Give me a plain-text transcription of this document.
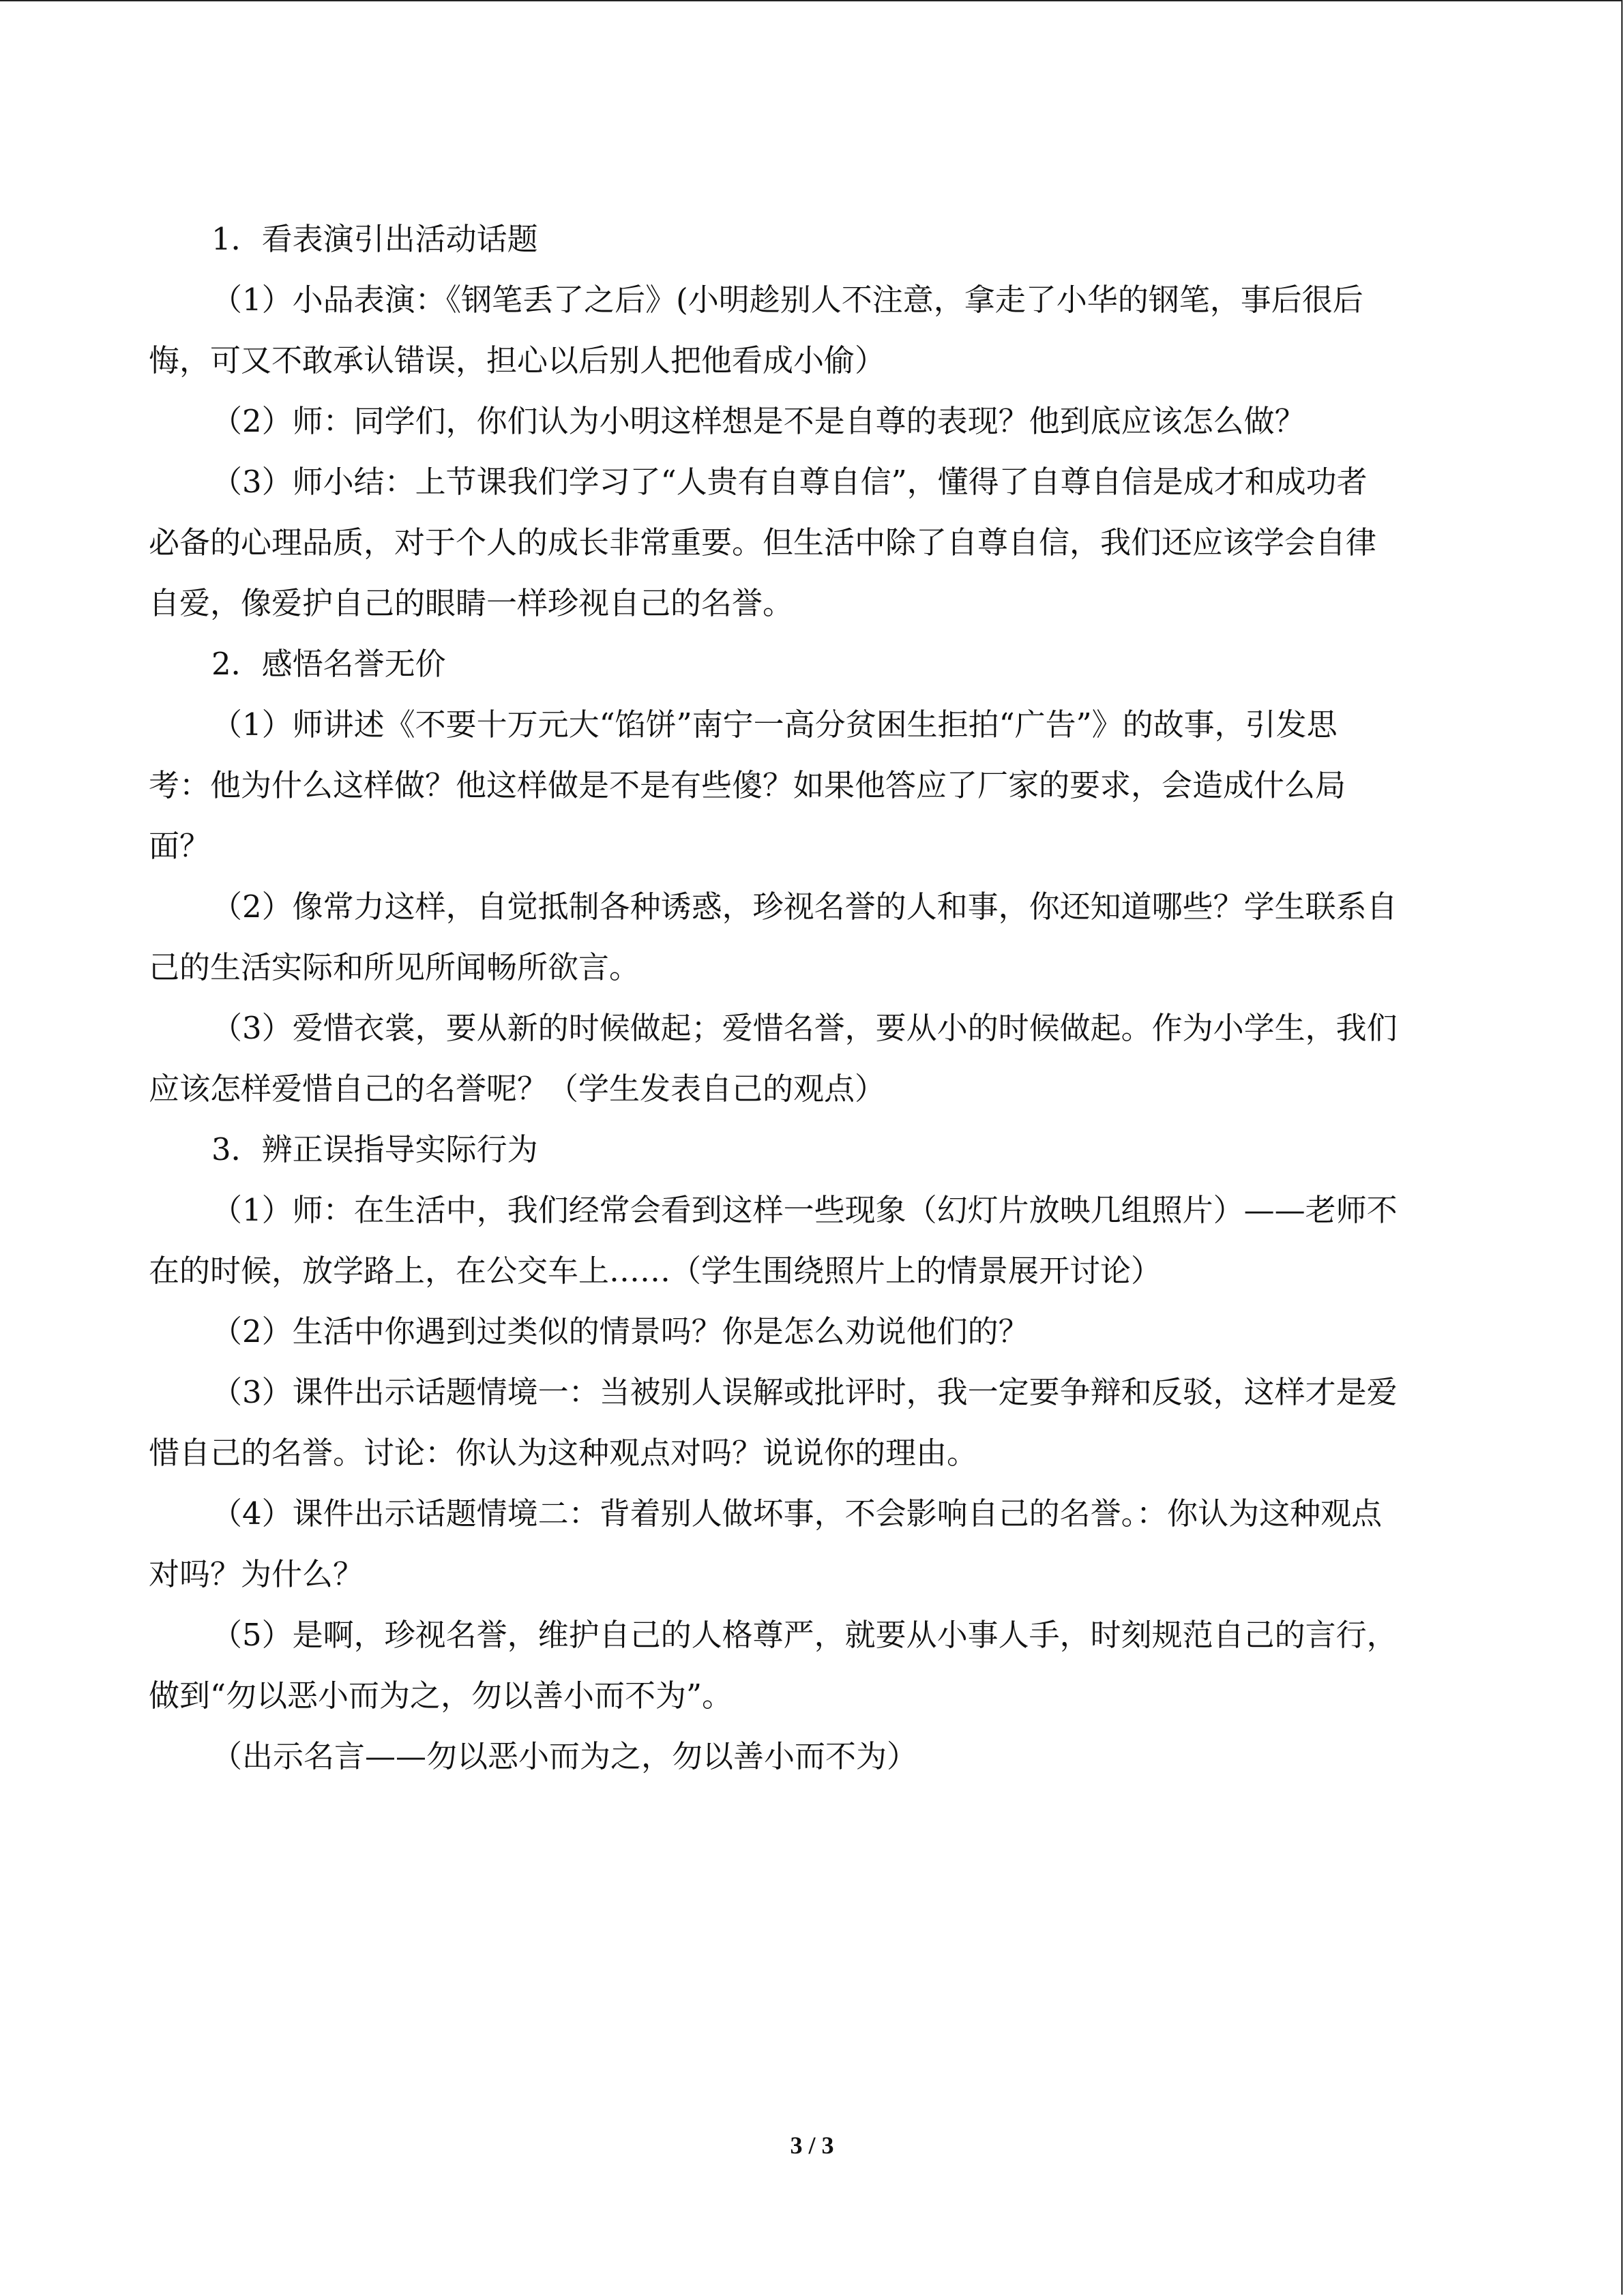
1．看表演引出活动话题
（1）小品表演：《钢笔丢了之后》(小明趁别人不注意，拿走了小华的钢笔，事后很后
悔，可又不敢承认错误，担心以后别人把他看成小偷）
（2）师：同学们，你们认为小明这样想是不是自尊的表现？他到底应该怎么做？
（3）师小结：上节课我们学习了“人贵有自尊自信”，懂得了自尊自信是成才和成功者
必备的心理品质，对于个人的成长非常重要。但生活中除了自尊自信，我们还应该学会自律
自爱，像爱护自己的眼睛一样珍视自己的名誉。
2．感悟名誉无价
（1）师讲述《不要十万元大“馅饼”南宁一高分贫困生拒拍“广告”》的故事，引发思
考：他为什么这样做？他这样做是不是有些傻？如果他答应了厂家的要求，会造成什么局
面？
（2）像常力这样，自觉抵制各种诱惑，珍视名誉的人和事，你还知道哪些？学生联系自
己的生活实际和所见所闻畅所欲言。
（3）爱惜衣裳，要从新的时候做起；爱惜名誉，要从小的时候做起。作为小学生，我们
应该怎样爱惜自己的名誉呢？（学生发表自己的观点）
3．辨正误指导实际行为
（1）师：在生活中，我们经常会看到这样一些现象（幻灯片放映几组照片）——老师不
在的时候，放学路上，在公交车上……（学生围绕照片上的情景展开讨论）
（2）生活中你遇到过类似的情景吗？你是怎么劝说他们的？
（3）课件出示话题情境一：当被别人误解或批评时，我一定要争辩和反驳，这样才是爱
惜自己的名誉。讨论：你认为这种观点对吗？说说你的理由。
（4）课件出示话题情境二：背着别人做坏事，不会影响自己的名誉。：你认为这种观点
对吗？为什么？
（5）是啊，珍视名誉，维护自己的人格尊严，就要从小事人手，时刻规范自己的言行，
做到“勿以恶小而为之，勿以善小而不为”。
（出示名言——勿以恶小而为之，勿以善小而不为）
3 / 3
